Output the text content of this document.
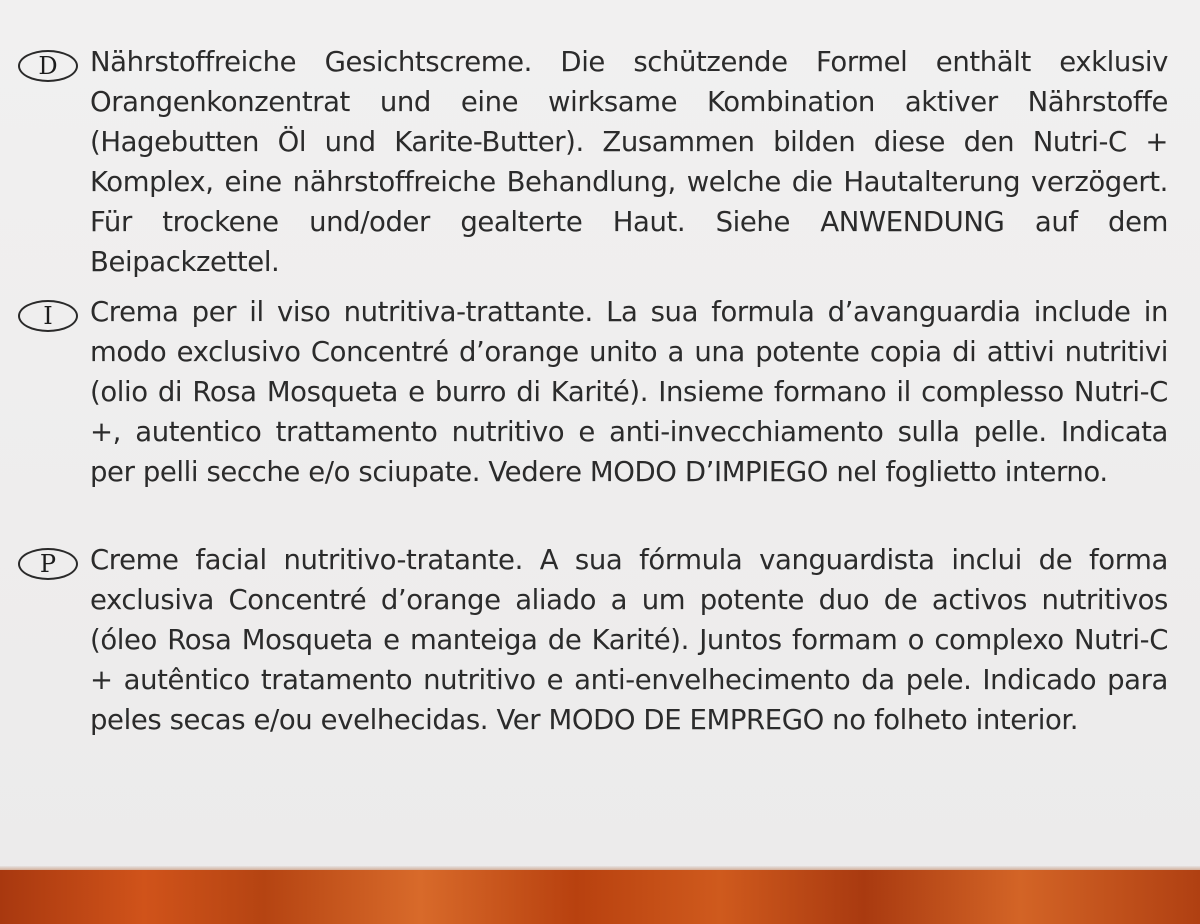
D	Nährstoffreiche Gesichtscreme. Die schützende Formel enthält exklusiv Orangenkonzentrat und eine wirksame Kombination aktiver Nährstoffe (Hagebutten Öl und Karite-Butter). Zusammen bilden diese den Nutri-C + Komplex, eine nährstoffreiche Behandlung, welche die Hautalterung verzögert. Für trockene und/oder gealterte Haut. Siehe ANWENDUNG auf dem Beipackzettel.
I	Crema per il viso nutritiva-trattante. La sua formula d’avanguardia include in modo exclusivo Concentré d’orange unito a una potente copia di attivi nutritivi (olio di Rosa Mosqueta e burro di Karité). Insieme formano il complesso Nutri-C +, autentico trattamento nutritivo e anti-invecchiamento sulla pelle. Indicata per pelli secche e/o sciupate. Vedere MODO D’IMPIEGO nel foglietto interno.
P	Creme facial nutritivo-tratante. A sua fórmula vanguardista inclui de forma exclusiva Concentré d’orange aliado a um potente duo de activos nutritivos (óleo Rosa Mosqueta e manteiga de Karité). Juntos formam o complexo Nutri-C + autêntico tratamento nutritivo e anti-envelhecimento da pele. Indicado para peles secas e/ou evelhecidas. Ver MODO DE EMPREGO no folheto interior.
